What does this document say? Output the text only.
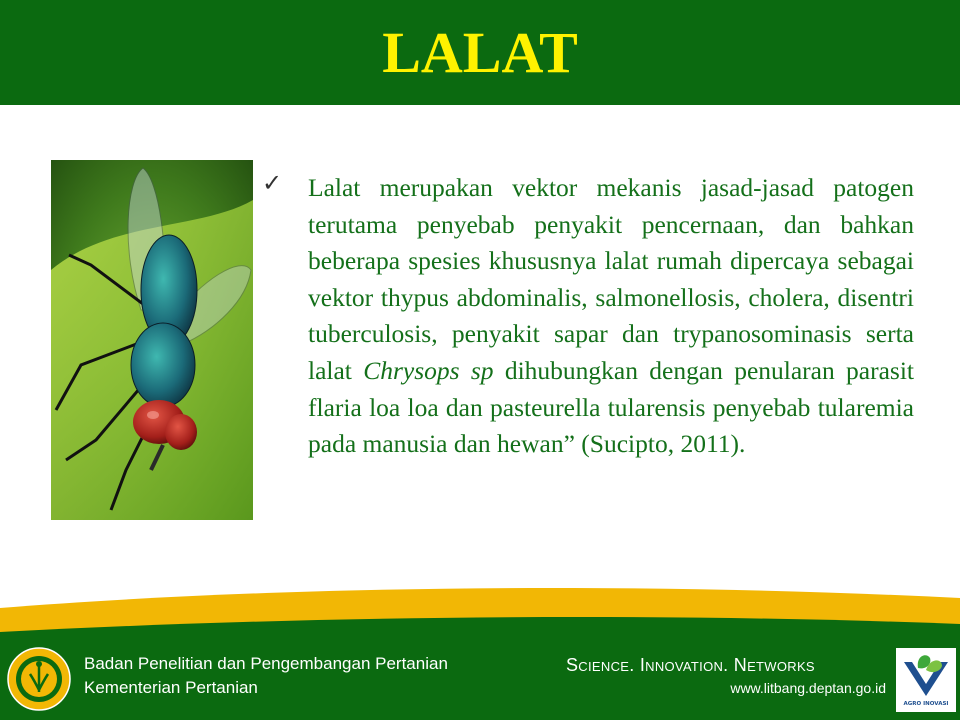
LALAT
✓ Lalat merupakan vektor mekanis jasad-jasad patogen terutama penyebab penyakit pencernaan, dan bahkan beberapa spesies khususnya lalat rumah dipercaya sebagai vektor thypus abdominalis, salmonellosis, cholera, disentri tuberculosis, penyakit sapar dan trypanosominasis serta lalat Chrysops sp dihubungkan dengan penularan parasit flaria loa loa dan pasteurella tularensis penyebab tularemia pada manusia dan hewan” (Sucipto, 2011).
Badan Penelitian dan Pengembangan Pertanian
Kementerian Pertanian
Science. Innovation. Networks
www.litbang.deptan.go.id
AGRO INOVASI
